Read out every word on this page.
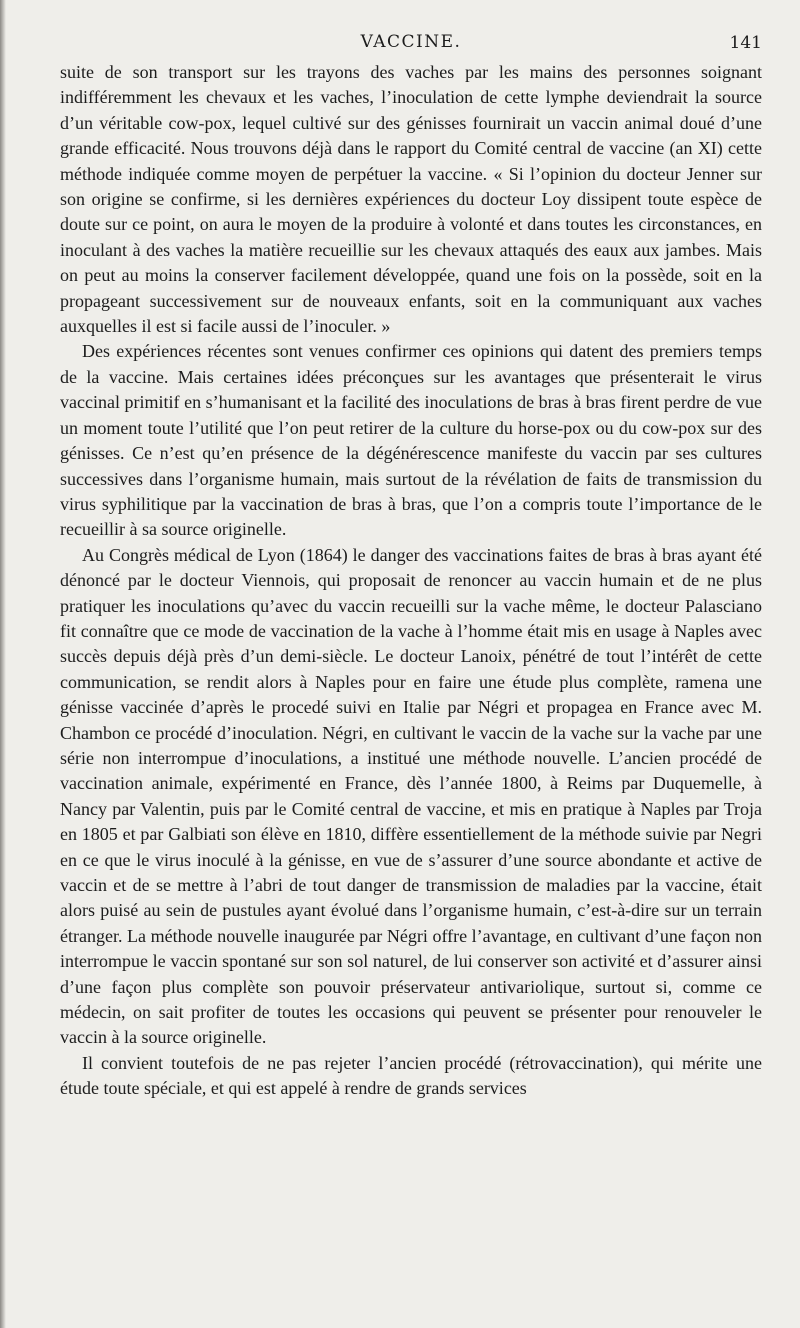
VACCINE.	141

suite de son transport sur les trayons des vaches par les mains des personnes soignant indifféremment les chevaux et les vaches, l’inoculation de cette lymphe deviendrait la source d’un véritable cow-pox, lequel cultivé sur des génisses fournirait un vaccin animal doué d’une grande efficacité. Nous trouvons déjà dans le rapport du Comité central de vaccine (an XI) cette méthode indiquée comme moyen de perpétuer la vaccine. « Si l’opinion du docteur Jenner sur son origine se confirme, si les dernières expériences du docteur Loy dissipent toute espèce de doute sur ce point, on aura le moyen de la produire à volonté et dans toutes les circonstances, en inoculant à des vaches la matière recueillie sur les chevaux attaqués des eaux aux jambes. Mais on peut au moins la conserver facilement développée, quand une fois on la possède, soit en la propageant successivement sur de nouveaux enfants, soit en la communiquant aux vaches auxquelles il est si facile aussi de l’inoculer. »

Des expériences récentes sont venues confirmer ces opinions qui datent des premiers temps de la vaccine. Mais certaines idées préconçues sur les avantages que présenterait le virus vaccinal primitif en s’humanisant et la facilité des inoculations de bras à bras firent perdre de vue un moment toute l’utilité que l’on peut retirer de la culture du horse-pox ou du cow-pox sur des génisses. Ce n’est qu’en présence de la dégénérescence manifeste du vaccin par ses cultures successives dans l’organisme humain, mais surtout de la révélation de faits de transmission du virus syphilitique par la vaccination de bras à bras, que l’on a compris toute l’importance de le recueillir à sa source originelle.

Au Congrès médical de Lyon (1864) le danger des vaccinations faites de bras à bras ayant été dénoncé par le docteur Viennois, qui proposait de renoncer au vaccin humain et de ne plus pratiquer les inoculations qu’avec du vaccin recueilli sur la vache même, le docteur Palasciano fit connaître que ce mode de vaccination de la vache à l’homme était mis en usage à Naples avec succès depuis déjà près d’un demi-siècle. Le docteur Lanoix, pénétré de tout l’intérêt de cette communication, se rendit alors à Naples pour en faire une étude plus complète, ramena une génisse vaccinée d’après le procedé suivi en Italie par Négri et propagea en France avec M. Chambon ce procédé d’inoculation. Négri, en cultivant le vaccin de la vache sur la vache par une série non interrompue d’inoculations, a institué une méthode nouvelle. L’ancien procédé de vaccination animale, expérimenté en France, dès l’année 1800, à Reims par Duquemelle, à Nancy par Valentin, puis par le Comité central de vaccine, et mis en pratique à Naples par Troja en 1805 et par Galbiati son élève en 1810, diffère essentiellement de la méthode suivie par Negri en ce que le virus inoculé à la génisse, en vue de s’assurer d’une source abondante et active de vaccin et de se mettre à l’abri de tout danger de transmission de maladies par la vaccine, était alors puisé au sein de pustules ayant évolué dans l’organisme humain, c’est-à-dire sur un terrain étranger. La méthode nouvelle inaugurée par Négri offre l’avantage, en cultivant d’une façon non interrompue le vaccin spontané sur son sol naturel, de lui conserver son activité et d’assurer ainsi d’une façon plus complète son pouvoir préservateur antivariolique, surtout si, comme ce médecin, on sait profiter de toutes les occasions qui peuvent se présenter pour renouveler le vaccin à la source originelle.

Il convient toutefois de ne pas rejeter l’ancien procédé (rétrovaccination), qui mérite une étude toute spéciale, et qui est appelé à rendre de grands services
